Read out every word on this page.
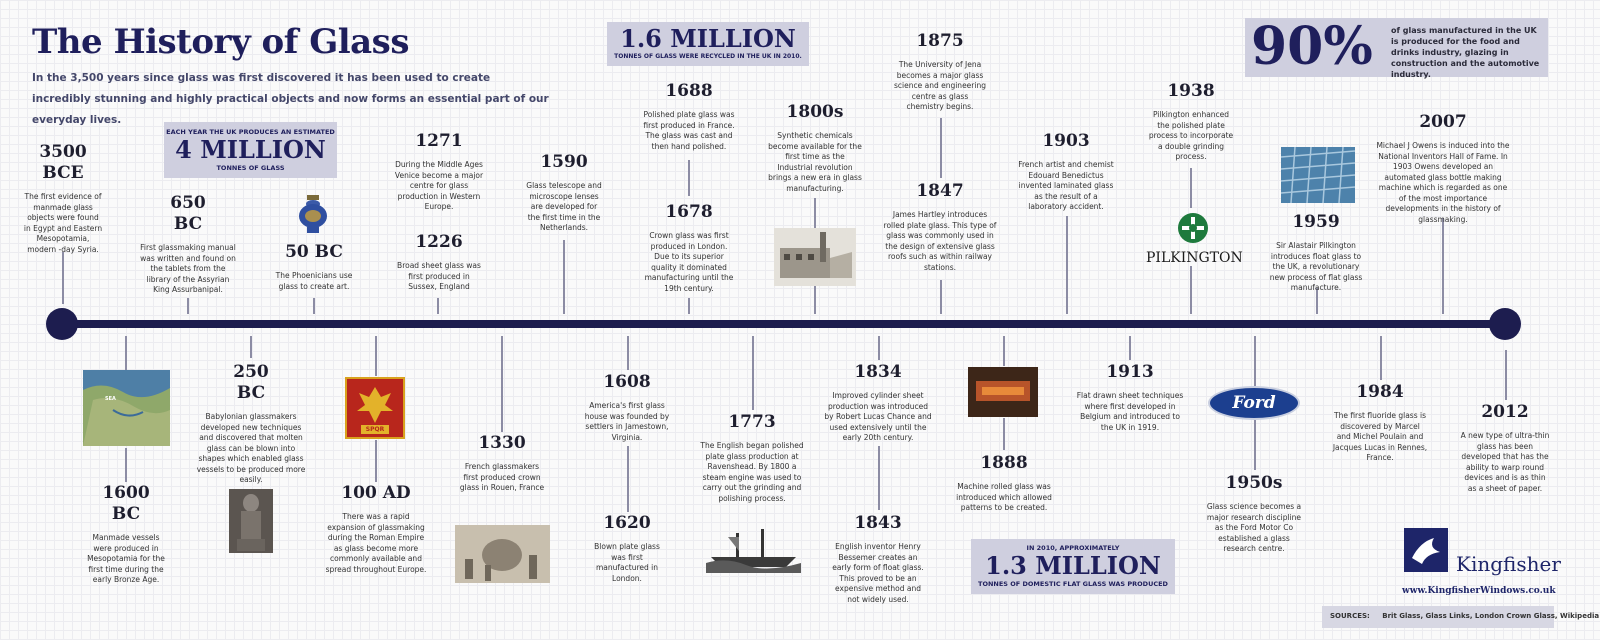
The History of Glass
In the 3,500 years since glass was first discovered it has been used to create incredibly stunning and highly practical objects and now forms an essential part of our everyday lives.
EACH YEAR THE UK PRODUCES AN ESTIMATED
4 MILLION
TONNES OF GLASS
1.6 MILLION
TONNES OF GLASS WERE RECYCLED IN THE UK IN 2010.	90% of glass manufactured in the UK is produced for the food and drinks industry, glazing in construction and the automotive industry.
IN 2010, APPROXIMATELY
1.3 MILLION
TONNES OF DOMESTIC FLAT GLASS WAS PRODUCED
3500 BCE
The first evidence of manmade glass objects were found in Egypt and Eastern Mesopotamia, modern -day Syria.
650 BC
First glassmaking manual was written and found on the tablets from the library of the Assyrian King Assurbanipal.
50 BC
The Phoenicians use glass to create art.
1271
During the Middle Ages Venice become a major centre for glass production in Western Europe.
1226
Broad sheet glass was first produced in Sussex, England
1590
Glass telescope and microscope lenses are developed for the first time in the Netherlands.
1688
Polished plate glass was first produced in France. The glass was cast and then hand polished.
1678
Crown glass was first produced in London. Due to its superior quality it dominated manufacturing until the 19th century.
1800s
Synthetic chemicals become available for the first time as the Industrial revolution brings a new era in glass manufacturing.
1875
The University of Jena becomes a major glass science and engineering centre as glass chemistry begins.
1847
James Hartley introduces rolled plate glass. This type of glass was commonly used in the design of extensive glass roofs such as within railway stations.
1903
French artist and chemist Edouard Benedictus invented laminated glass as the result of a laboratory accident.
1938
Pilkington enhanced the polished plate process to incorporate a double grinding process.
1959
Sir Alastair Pilkington introduces float glass to the UK, a revolutionary new process of flat glass manufacture.
2007
Michael J Owens is induced into the National Inventors Hall of Fame. In 1903 Owens developed an automated glass bottle making machine which is regarded as one of the most importance developments in the history of glassmaking.
1600 BC
Manmade vessels were produced in Mesopotamia for the first time during the early Bronze Age.
250 BC
Babylonian glassmakers developed new techniques and discovered that molten glass can be blown into shapes which enabled glass vessels to be produced more easily.
100 AD
There was a rapid expansion of glassmaking during the Roman Empire as glass become more commonly available and spread throughout Europe.
1330
French glassmakers first produced crown glass in Rouen, France
1608
America's first glass house was founded by settlers in Jamestown, Virginia.
1620
Blown plate glass was first manufactured in London.
1773
The English began polished plate glass production at Ravenshead. By 1800 a steam engine was used to carry out the grinding and polishing process.
1834
Improved cylinder sheet production was introduced by Robert Lucas Chance and used extensively until the early 20th century.
1843
English inventor Henry Bessemer creates an early form of float glass. This proved to be an expensive method and not widely used.
1888
Machine rolled glass was introduced which allowed patterns to be created.
1913
Flat drawn sheet techniques where first developed in Belgium and introduced to the UK in 1919.
1950s
Glass science becomes a major research discipline as the Ford Motor Co established a glass research centre.
1984
The first fluoride glass is discovered by Marcel and Michel Poulain and Jacques Lucas in Rennes, France.
2012
A new type of ultra-thin glass has been developed that has the ability to warp round devices and is as thin as a sheet of paper.
SEA
SPQR
PILKINGTON
Ford
Kingfisher
www.KingfisherWindows.co.uk
SOURCES: Brit Glass, Glass Links, London Crown Glass, Wikipedia
